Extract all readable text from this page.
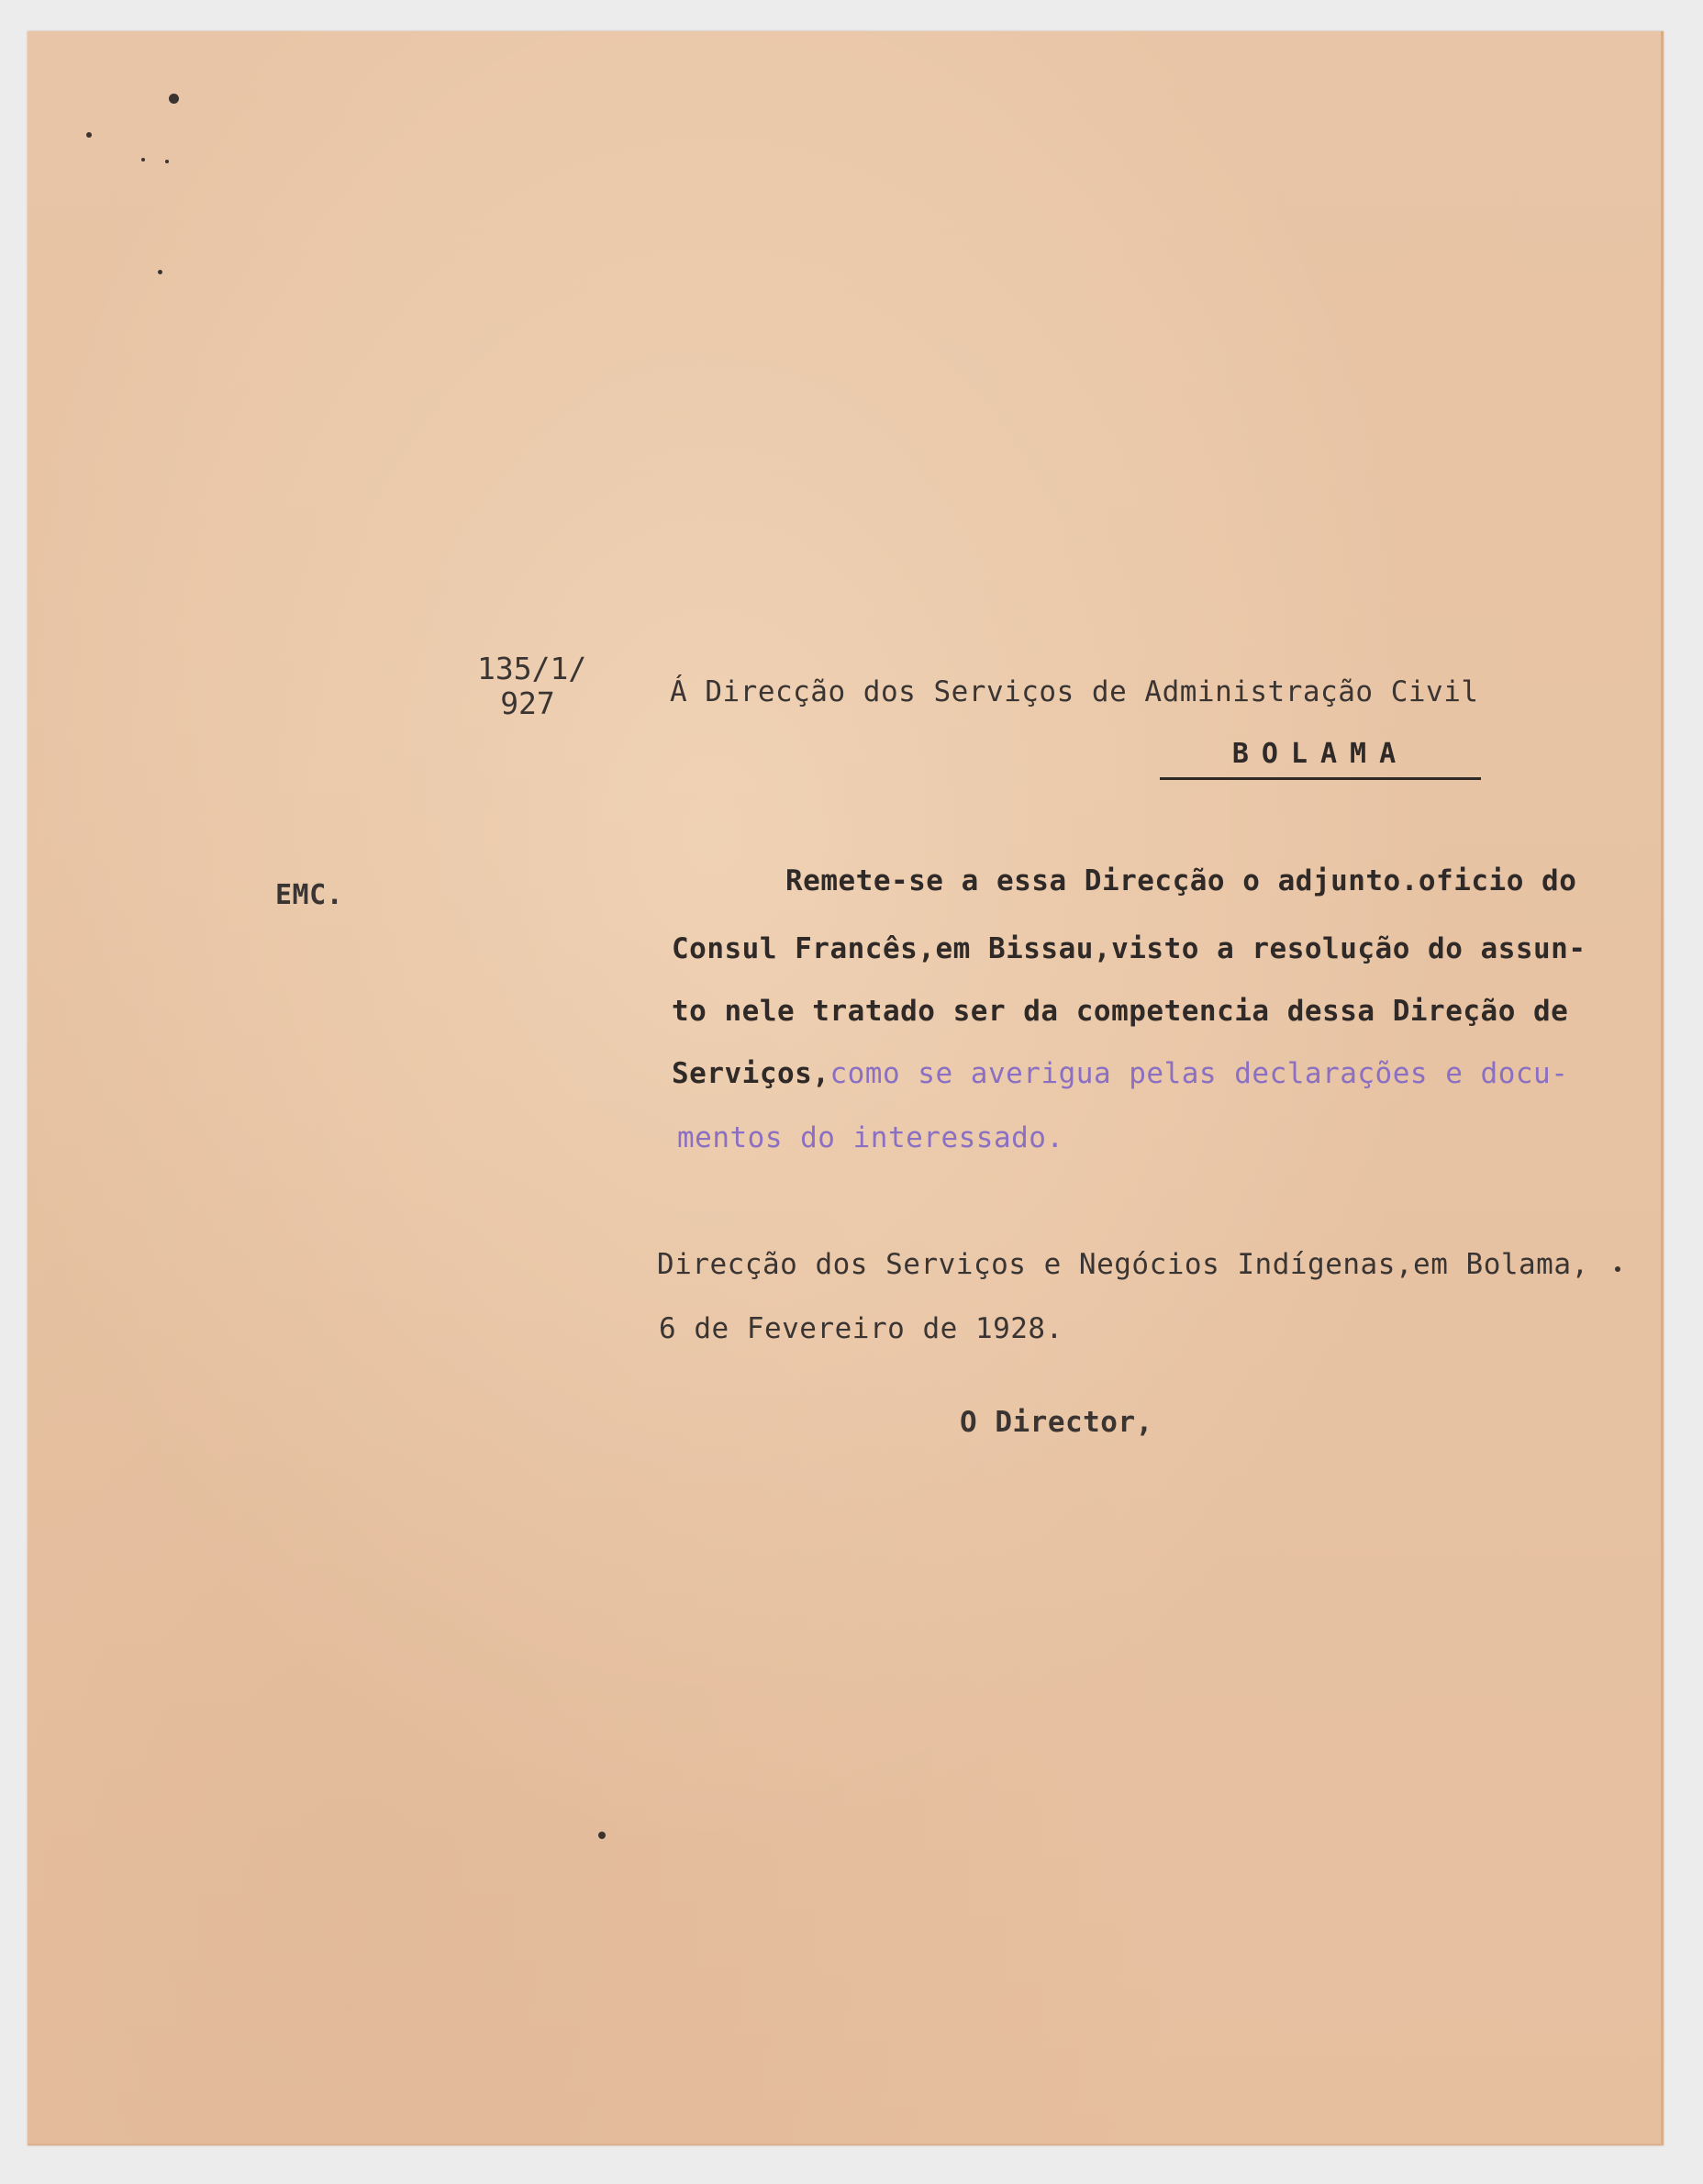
135/1/
927	Á Direcção dos Serviços de Administração Civil
BOLAMA
EMC.	Remete-se a essa Direcção o adjunto.oficio do
Consul Francês,em Bissau,visto a resolução do assun-
to nele tratado ser da competencia dessa Direção de
Serviços,como se averigua pelas declarações e docu-
mentos do interessado.
Direcção dos Serviços e Negócios Indígenas,em Bolama,
6 de Fevereiro de 1928.
O Director,
